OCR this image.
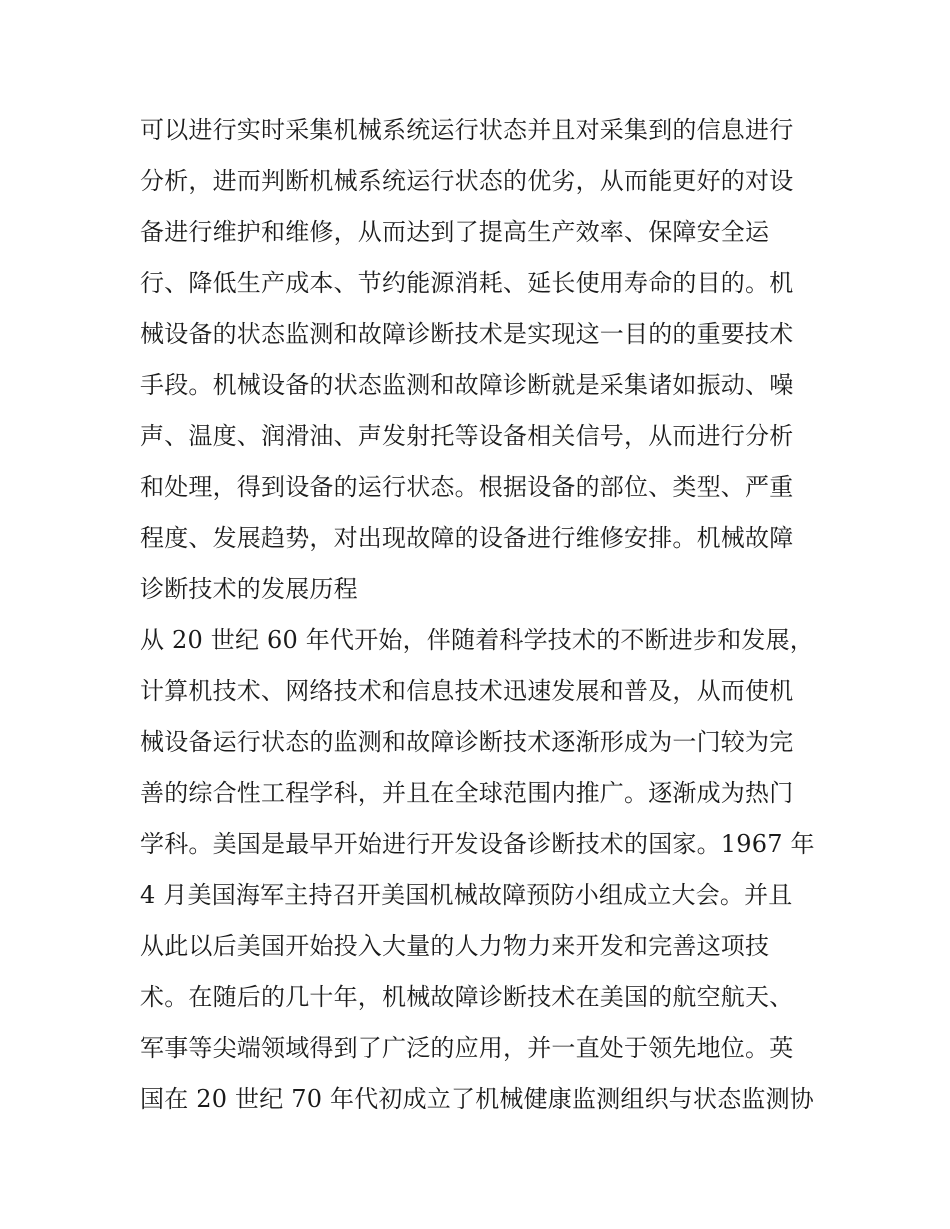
可以进行实时采集机械系统运行状态并且对采集到的信息进行
分析，进而判断机械系统运行状态的优劣，从而能更好的对设
备进行维护和维修，从而达到了提高生产效率、保障安全运
行、降低生产成本、节约能源消耗、延长使用寿命的目的。机
械设备的状态监测和故障诊断技术是实现这一目的的重要技术
手段。机械设备的状态监测和故障诊断就是采集诸如振动、噪
声、温度、润滑油、声发射托等设备相关信号，从而进行分析
和处理，得到设备的运行状态。根据设备的部位、类型、严重
程度、发展趋势，对出现故障的设备进行维修安排。机械故障
诊断技术的发展历程
从 20 世纪 60 年代开始，伴随着科学技术的不断进步和发展，
计算机技术、网络技术和信息技术迅速发展和普及，从而使机
械设备运行状态的监测和故障诊断技术逐渐形成为一门较为完
善的综合性工程学科，并且在全球范围内推广。逐渐成为热门
学科。美国是最早开始进行开发设备诊断技术的国家。1967 年
4 月美国海军主持召开美国机械故障预防小组成立大会。并且
从此以后美国开始投入大量的人力物力来开发和完善这项技
术。在随后的几十年，机械故障诊断技术在美国的航空航天、
军事等尖端领域得到了广泛的应用，并一直处于领先地位。英
国在 20 世纪 70 年代初成立了机械健康监测组织与状态监测协
